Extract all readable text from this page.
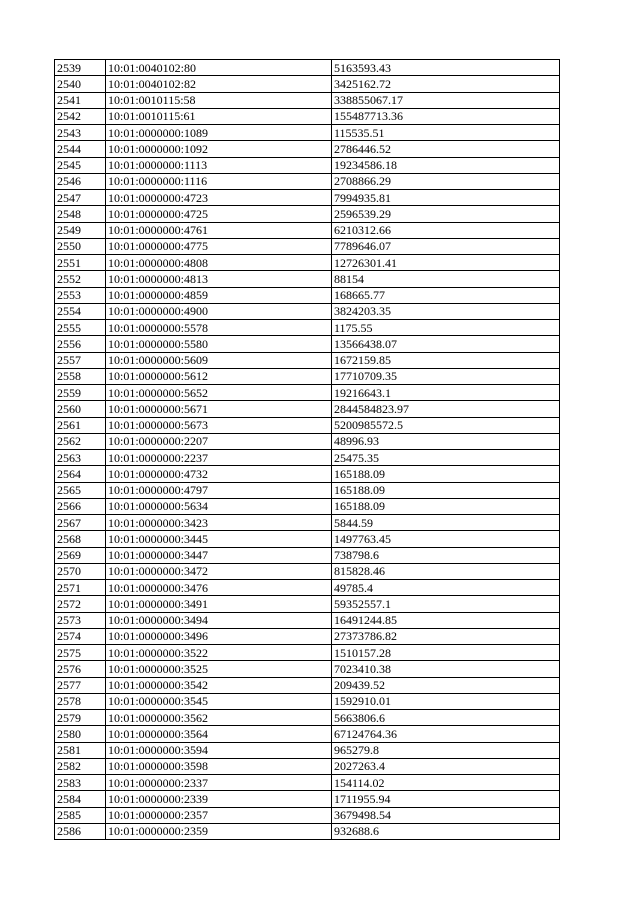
2539	10:01:0040102:80	5163593.43
2540	10:01:0040102:82	3425162.72
2541	10:01:0010115:58	338855067.17
2542	10:01:0010115:61	155487713.36
2543	10:01:0000000:1089	115535.51
2544	10:01:0000000:1092	2786446.52
2545	10:01:0000000:1113	19234586.18
2546	10:01:0000000:1116	2708866.29
2547	10:01:0000000:4723	7994935.81
2548	10:01:0000000:4725	2596539.29
2549	10:01:0000000:4761	6210312.66
2550	10:01:0000000:4775	7789646.07
2551	10:01:0000000:4808	12726301.41
2552	10:01:0000000:4813	88154
2553	10:01:0000000:4859	168665.77
2554	10:01:0000000:4900	3824203.35
2555	10:01:0000000:5578	1175.55
2556	10:01:0000000:5580	13566438.07
2557	10:01:0000000:5609	1672159.85
2558	10:01:0000000:5612	17710709.35
2559	10:01:0000000:5652	19216643.1
2560	10:01:0000000:5671	2844584823.97
2561	10:01:0000000:5673	5200985572.5
2562	10:01:0000000:2207	48996.93
2563	10:01:0000000:2237	25475.35
2564	10:01:0000000:4732	165188.09
2565	10:01:0000000:4797	165188.09
2566	10:01:0000000:5634	165188.09
2567	10:01:0000000:3423	5844.59
2568	10:01:0000000:3445	1497763.45
2569	10:01:0000000:3447	738798.6
2570	10:01:0000000:3472	815828.46
2571	10:01:0000000:3476	49785.4
2572	10:01:0000000:3491	59352557.1
2573	10:01:0000000:3494	16491244.85
2574	10:01:0000000:3496	27373786.82
2575	10:01:0000000:3522	1510157.28
2576	10:01:0000000:3525	7023410.38
2577	10:01:0000000:3542	209439.52
2578	10:01:0000000:3545	1592910.01
2579	10:01:0000000:3562	5663806.6
2580	10:01:0000000:3564	67124764.36
2581	10:01:0000000:3594	965279.8
2582	10:01:0000000:3598	2027263.4
2583	10:01:0000000:2337	154114.02
2584	10:01:0000000:2339	1711955.94
2585	10:01:0000000:2357	3679498.54
2586	10:01:0000000:2359	932688.6
